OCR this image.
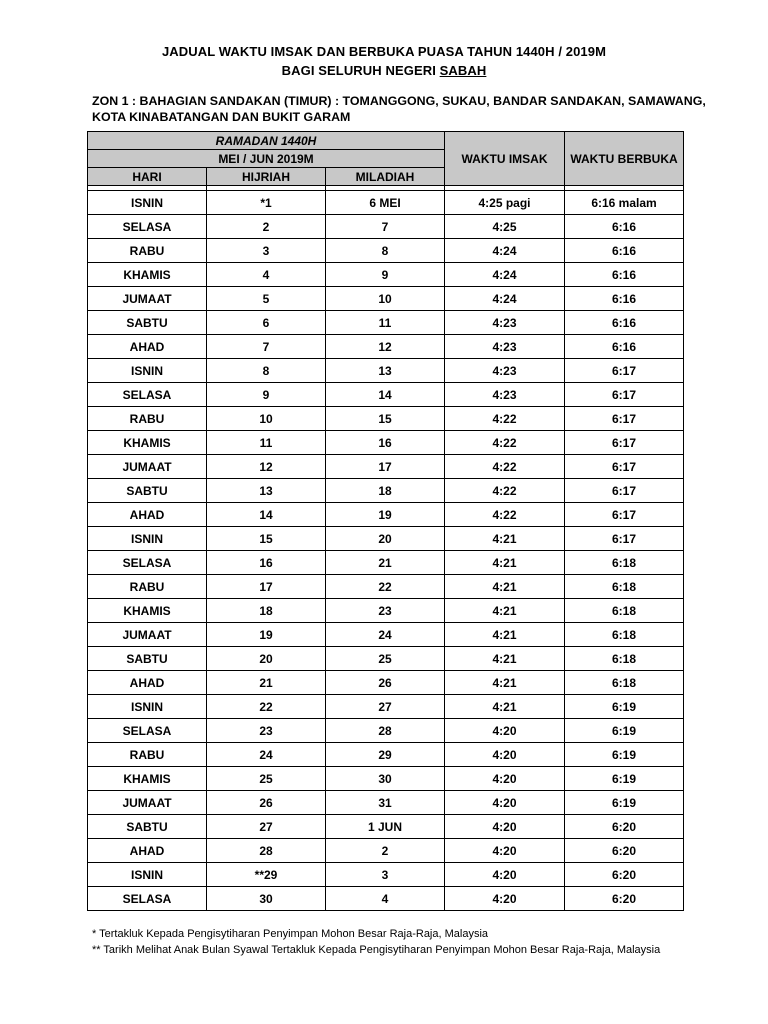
JADUAL WAKTU IMSAK DAN BERBUKA PUASA TAHUN 1440H / 2019M
BAGI SELURUH NEGERI SABAH
ZON 1 : BAHAGIAN SANDAKAN (TIMUR) : TOMANGGONG, SUKAU, BANDAR SANDAKAN, SAMAWANG, KOTA KINABATANGAN DAN BUKIT GARAM
RAMADAN 1440H			WAKTU IMSAK	WAKTU BERBUKA
MEI / JUN 2019M				
HARI	HIJRIAH	MILADIAH		

ISNIN	*1	6 MEI	4:25 pagi	6:16 malam
SELASA	2	7	4:25	6:16
RABU	3	8	4:24	6:16
KHAMIS	4	9	4:24	6:16
JUMAAT	5	10	4:24	6:16
SABTU	6	11	4:23	6:16
AHAD	7	12	4:23	6:16
ISNIN	8	13	4:23	6:17
SELASA	9	14	4:23	6:17
RABU	10	15	4:22	6:17
KHAMIS	11	16	4:22	6:17
JUMAAT	12	17	4:22	6:17
SABTU	13	18	4:22	6:17
AHAD	14	19	4:22	6:17
ISNIN	15	20	4:21	6:17
SELASA	16	21	4:21	6:18
RABU	17	22	4:21	6:18
KHAMIS	18	23	4:21	6:18
JUMAAT	19	24	4:21	6:18
SABTU	20	25	4:21	6:18
AHAD	21	26	4:21	6:18
ISNIN	22	27	4:21	6:19
SELASA	23	28	4:20	6:19
RABU	24	29	4:20	6:19
KHAMIS	25	30	4:20	6:19
JUMAAT	26	31	4:20	6:19
SABTU	27	1 JUN	4:20	6:20
AHAD	28	2	4:20	6:20
ISNIN	**29	3	4:20	6:20
SELASA	30	4	4:20	6:20
* Tertakluk Kepada Pengisytiharan Penyimpan Mohon Besar Raja-Raja, Malaysia
** Tarikh Melihat Anak Bulan Syawal Tertakluk Kepada Pengisytiharan Penyimpan Mohon Besar Raja-Raja, Malaysia
